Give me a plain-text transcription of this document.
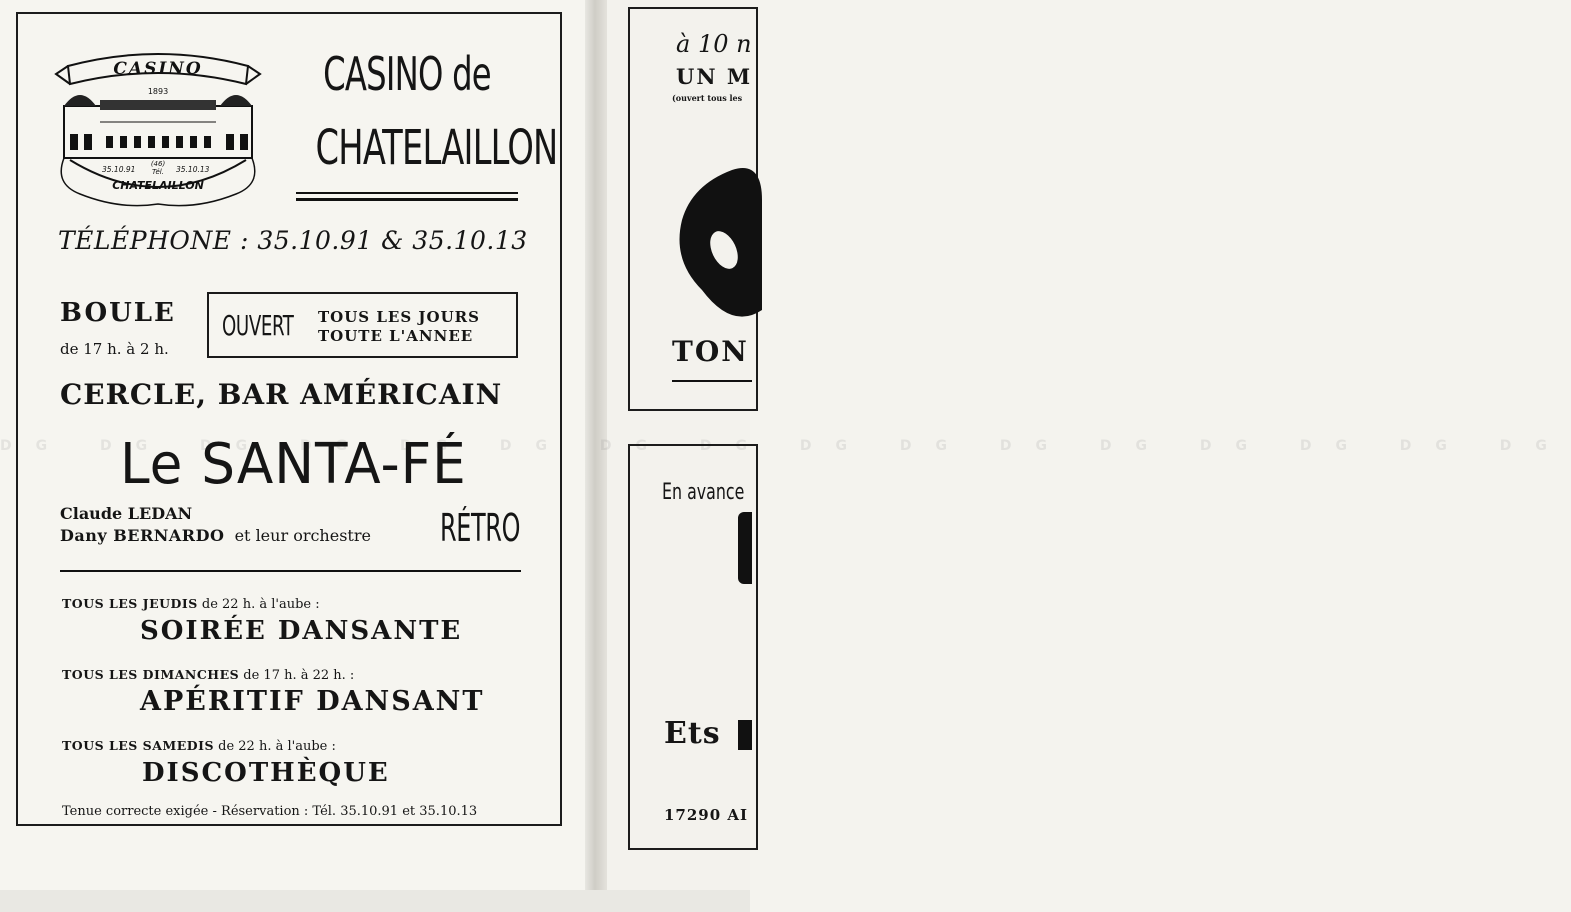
DG DG DG DG DG DG DG DG DG DG DG DG DG DG DG DG
CASINO
1893
35.10.91
(46)
Tél. 35.10.13
CHATELAILLON
CASINO de
CHATELAILLON
TÉLÉPHONE : 35.10.91 & 35.10.13
BOULE
de 17 h. à 2 h.
OUVERT TOUS LES JOURS
TOUTE L'ANNEE
CERCLE, BAR AMÉRICAIN
Le SANTA-FÉ
Claude LEDAN
Dany BERNARDO et leur orchestre RÉTRO
TOUS LES JEUDIS de 22 h. à l'aube :
SOIRÉE DANSANTE
TOUS LES DIMANCHES de 17 h. à 22 h. :
APÉRITIF DANSANT
TOUS LES SAMEDIS de 22 h. à l'aube :
DISCOTHÈQUE
Tenue correcte exigée - Réservation : Tél. 35.10.91 et 35.10.13
à 10 n
UN M
(ouvert tous les
TON
En avance
Ets
17290 AI
